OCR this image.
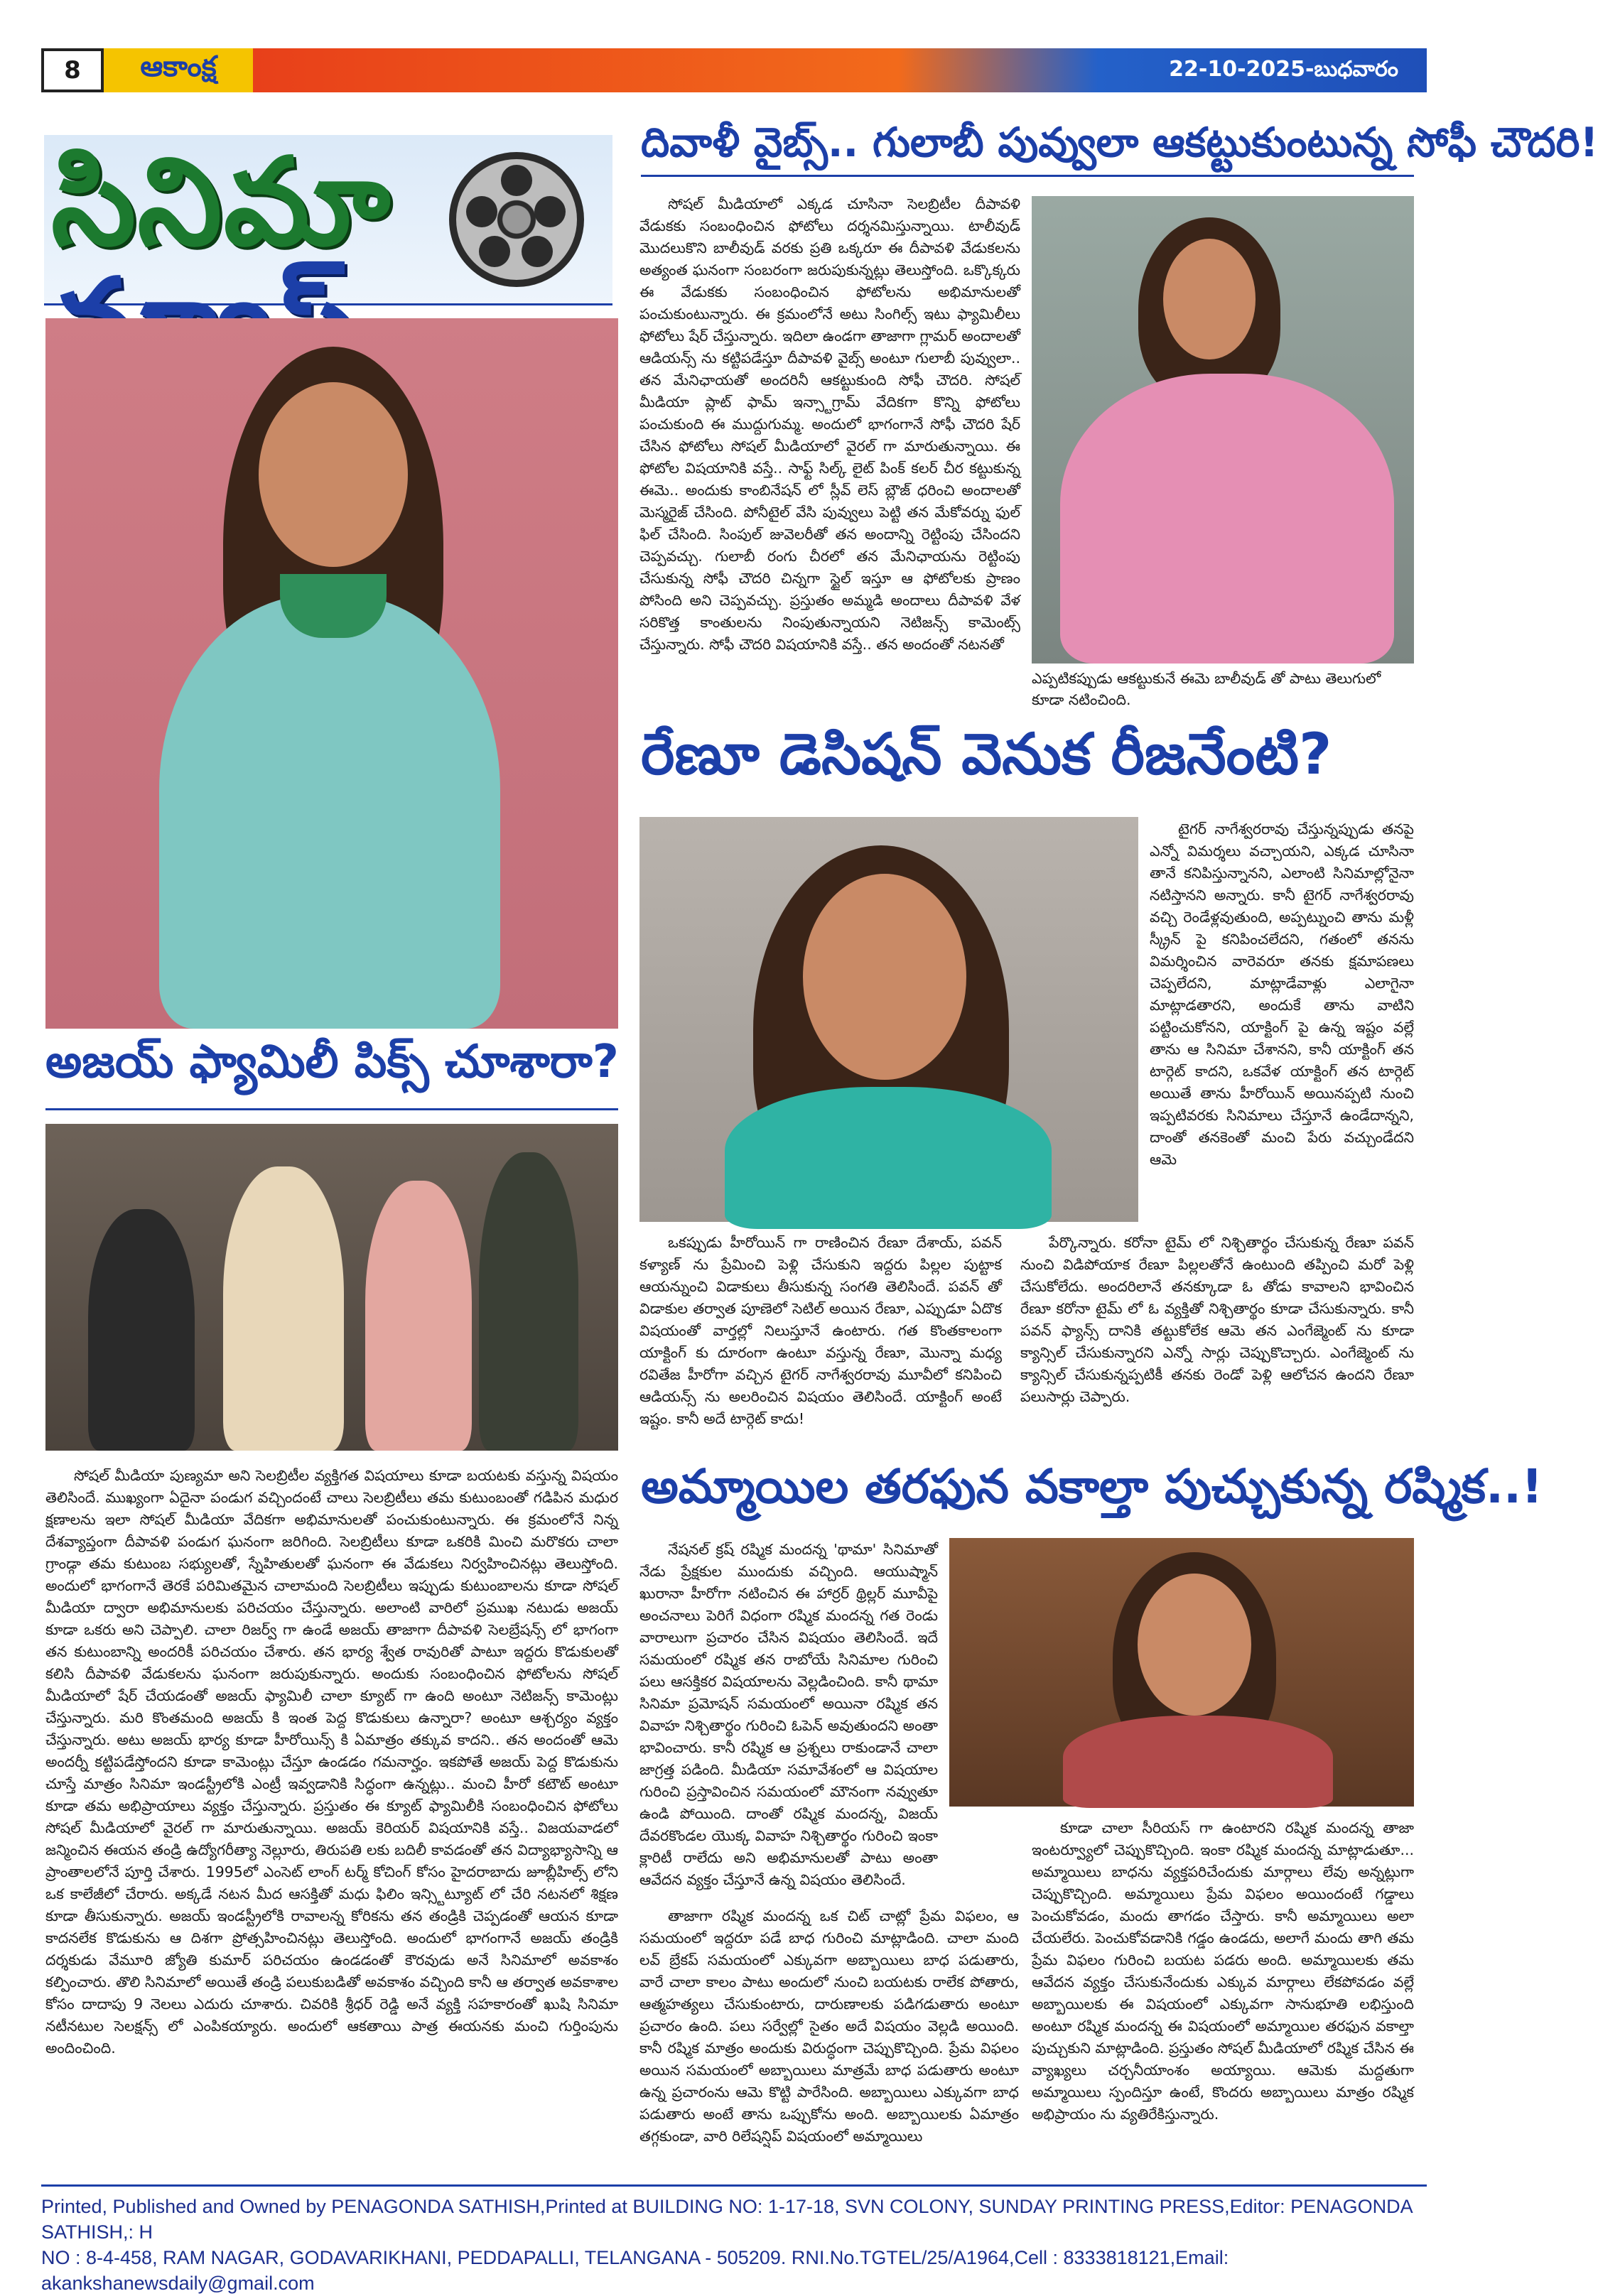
8	ఆకాంక్ష	22-10-2025-బుధవారం
సినిమా	దివాళీ వైబ్స్.. గులాబీ పువ్వులా ఆకట్టుకుంటున్న సోఫీ చౌదరి!

సోషల్ మీడియాలో ఎక్కడ చూసినా సెలబ్రిటీల దీపావళి వేడుకకు సంబంధించిన ఫోటోలు దర్శనమిస్తున్నాయి. టాలీవుడ్ మొదలుకొని బాలీవుడ్ వరకు ప్రతి ఒక్కరూ ఈ దీపావళి వేడుకలను అత్యంత ఘనంగా సంబరంగా జరుపుకున్నట్లు తెలుస్తోంది. ఒక్కొక్కరు ఈ వేడుకకు సంబంధించిన ఫోటోలను అభిమానులతో పంచుకుంటున్నారు. ఈ క్రమంలోనే అటు సింగిల్స్ ఇటు ఫ్యామిలీలు ఫోటోలు షేర్ చేస్తున్నారు. ఇదిలా ఉండగా తాజాగా గ్లామర్ అందాలతో ఆడియన్స్ ను కట్టిపడేస్తూ దీపావళి వైబ్స్ అంటూ గులాబీ పువ్వులా.. తన మేనిఛాయతో అందరినీ ఆకట్టుకుంది సోఫీ చౌదరి. సోషల్ మీడియా ప్లాట్ ఫామ్ ఇన్స్టాగ్రామ్ వేదికగా కొన్ని ఫోటోలు పంచుకుంది ఈ ముద్దుగుమ్మ. అందులో భాగంగానే సోఫీ చౌదరి షేర్ చేసిన ఫోటోలు సోషల్ మీడియాలో వైరల్ గా మారుతున్నాయి. ఈ ఫోటోల విషయానికి వస్తే.. సాఫ్ట్ సిల్క్ లైట్ పింక్ కలర్ చీర కట్టుకున్న ఈమె.. అందుకు కాంబినేషన్ లో స్లీవ్ లెస్ బ్లౌజ్ ధరించి అందాలతో మెస్మరైజ్ చేసింది. పోనీటైల్ వేసి పువ్వులు పెట్టి తన మేకోవర్ను ఫుల్ ఫిల్ చేసింది. సింపుల్ జువెలరీతో తన అందాన్ని రెట్టింపు చేసిందని చెప్పవచ్చు. గులాబీ రంగు చీరలో తన మేనిఛాయను రెట్టింపు చేసుకున్న సోఫీ చౌదరి చిన్నగా స్టైల్ ఇస్తూ ఆ ఫోటోలకు ప్రాణం పోసింది అని చెప్పవచ్చు. ప్రస్తుతం అమ్మడి అందాలు దీపావళి వేళ సరికొత్త కాంతులను నింపుతున్నాయని నెటిజన్స్ కామెంట్స్ చేస్తున్నారు. సోఫీ చౌదరి విషయానికి వస్తే.. తన అందంతో నటనతో

ఎప్పటికప్పుడు ఆకట్టుకునే ఈమె బాలీవుడ్ తో పాటు తెలుగులో కూడా నటించింది.
రేణూ డెసిషన్ వెనుక రీజనేంటి?

టైగర్ నాగేశ్వరరావు చేస్తున్నప్పుడు తనపై ఎన్నో విమర్శలు వచ్చాయని, ఎక్కడ చూసినా తానే కనిపిస్తున్నానని, ఎలాంటి సినిమాల్లోనైనా నటిస్తానని అన్నారు. కానీ టైగర్ నాగేశ్వరరావు వచ్చి రెండేళ్లవుతుంది, అప్పట్నుంచి తాను మళ్లీ స్క్రీన్ పై కనిపించలేదని, గతంలో తనను విమర్శించిన వారెవరూ తనకు క్షమాపణలు చెప్పలేదని, మాట్లాడేవాళ్లు ఎలాగైనా మాట్లాడతారని, అందుకే తాను వాటిని పట్టించుకోనని, యాక్టింగ్ పై ఉన్న ఇష్టం వల్లే తాను ఆ సినిమా చేశానని, కానీ యాక్టింగ్ తన టార్గెట్ కాదని, ఒకవేళ యాక్టింగ్ తన టార్గెట్ అయితే తాను హీరోయిన్ అయినప్పటి నుంచి ఇప్పటివరకు సినిమాలు చేస్తూనే ఉండేదాన్నని, దాంతో తనకెంతో మంచి పేరు వచ్చుండేదని ఆమె

ఒకప్పుడు హీరోయిన్ గా రాణించిన రేణూ దేశాయ్, పవన్ కళ్యాణ్ ను ప్రేమించి పెళ్లి చేసుకుని ఇద్దరు పిల్లల పుట్టాక ఆయన్నుంచి విడాకులు తీసుకున్న సంగతి తెలిసిందే. పవన్ తో విడాకుల తర్వాత పూణెలో సెటిల్ అయిన రేణూ, ఎప్పుడూ ఏదొక విషయంతో వార్తల్లో నిలుస్తూనే ఉంటారు. గత కొంతకాలంగా యాక్టింగ్ కు దూరంగా ఉంటూ వస్తున్న రేణూ, మొన్నా మధ్య రవితేజ హీరోగా వచ్చిన టైగర్ నాగేశ్వరరావు మూవీలో కనిపించి ఆడియన్స్ ను అలరించిన విషయం తెలిసిందే. యాక్టింగ్ అంటే ఇష్టం. కానీ అదే టార్గెట్ కాదు!

పేర్కొన్నారు. కరోనా టైమ్ లో నిశ్చితార్థం చేసుకున్న రేణూ పవన్ నుంచి విడిపోయాక రేణూ పిల్లలతోనే ఉంటుంది తప్పించి మరో పెళ్లి చేసుకోలేదు. అందరిలానే తనక్కూడా ఓ తోడు కావాలని భావించిన రేణూ కరోనా టైమ్ లో ఓ వ్యక్తితో నిశ్చితార్థం కూడా చేసుకున్నారు. కానీ పవన్ ఫ్యాన్స్ దానికి తట్టుకోలేక ఆమె తన ఎంగేజ్మెంట్ ను కూడా క్యాన్సిల్ చేసుకున్నారని ఎన్నో సార్లు చెప్పుకొచ్చారు. ఎంగేజ్మెంట్ ను క్యాన్సిల్ చేసుకున్నప్పటికీ తనకు రెండో పెళ్లి ఆలోచన ఉందని రేణూ పలుసార్లు చెప్పారు.

అజయ్ ఫ్యామిలీ పిక్స్ చూశారా?

సోషల్ మీడియా పుణ్యమా అని సెలబ్రిటీల వ్యక్తిగత విషయాలు కూడా బయటకు వస్తున్న విషయం తెలిసిందే. ముఖ్యంగా ఏదైనా పండుగ వచ్చిందంటే చాలు సెలబ్రిటీలు తమ కుటుంబంతో గడిపిన మధుర క్షణాలను ఇలా సోషల్ మీడియా వేదికగా అభిమానులతో పంచుకుంటున్నారు. ఈ క్రమంలోనే నిన్న దేశవ్యాప్తంగా దీపావళి పండుగ ఘనంగా జరిగింది. సెలబ్రిటీలు కూడా ఒకరికి మించి మరొకరు చాలా గ్రాండ్గా తమ కుటుంబ సభ్యులతో, స్నేహితులతో ఘనంగా ఈ వేడుకలు నిర్వహించినట్లు తెలుస్తోంది. అందులో భాగంగానే తెరకే పరిమితమైన చాలామంది సెలబ్రిటీలు ఇప్పుడు కుటుంబాలను కూడా సోషల్ మీడియా ద్వారా అభిమానులకు పరిచయం చేస్తున్నారు. అలాంటి వారిలో ప్రముఖ నటుడు అజయ్ కూడా ఒకరు అని చెప్పాలి. చాలా రిజర్వ్ గా ఉండే అజయ్ తాజాగా దీపావళి సెలబ్రేషన్స్ లో భాగంగా తన కుటుంబాన్ని అందరికీ పరిచయం చేశారు. తన భార్య శ్వేత రావురితో పాటూ ఇద్దరు కొడుకులతో కలిసి దీపావళి వేడుకలను ఘనంగా జరుపుకున్నారు. అందుకు సంబంధించిన ఫోటోలను సోషల్ మీడియాలో షేర్ చేయడంతో అజయ్ ఫ్యామిలీ చాలా క్యూట్ గా ఉంది అంటూ నెటిజన్స్ కామెంట్లు చేస్తున్నారు. మరి కొంతమంది అజయ్ కి ఇంత పెద్ద కొడుకులు ఉన్నారా? అంటూ ఆశ్చర్యం వ్యక్తం చేస్తున్నారు. అటు అజయ్ భార్య కూడా హీరోయిన్స్ కి ఏమాత్రం తక్కువ కాదని.. తన అందంతో ఆమె అందర్నీ కట్టిపడేస్తోందని కూడా కామెంట్లు చేస్తూ ఉండడం గమనార్హం. ఇకపోతే అజయ్ పెద్ద కొడుకును చూస్తే మాత్రం సినిమా ఇండస్ట్రీలోకి ఎంట్రీ ఇవ్వడానికి సిద్ధంగా ఉన్నట్లు.. మంచి హీరో కటౌట్ అంటూ కూడా తమ అభిప్రాయాలు వ్యక్తం చేస్తున్నారు. ప్రస్తుతం ఈ క్యూట్ ఫ్యామిలీకి సంబంధించిన ఫోటోలు సోషల్ మీడియాలో వైరల్ గా మారుతున్నాయి. అజయ్ కెరియర్ విషయానికి వస్తే.. విజయవాడలో జన్మించిన ఈయన తండ్రి ఉద్యోగరీత్యా నెల్లూరు, తిరుపతి లకు బదిలీ కావడంతో తన విద్యాభ్యాసాన్ని ఆ ప్రాంతాలలోనే పూర్తి చేశారు. 1995లో ఎంసెట్ లాంగ్ టర్మ్ కోచింగ్ కోసం హైదరాబాదు జూబ్లీహిల్స్ లోని ఒక కాలేజీలో చేరారు. అక్కడే నటన మీద ఆసక్తితో మధు ఫిలిం ఇన్స్టిట్యూట్ లో చేరి నటనలో శిక్షణ కూడా తీసుకున్నారు. అజయ్ ఇండస్ట్రీలోకి రావాలన్న కోరికను తన తండ్రికి చెప్పడంతో ఆయన కూడా కాదనలేక కొడుకును ఆ దిశగా ప్రోత్సహించినట్లు తెలుస్తోంది. అందులో భాగంగానే అజయ్ తండ్రికి దర్శకుడు వేమూరి జ్యోతి కుమార్ పరిచయం ఉండడంతో కౌరవుడు అనే సినిమాలో అవకాశం కల్పించారు. తొలి సినిమాలో అయితే తండ్రి పలుకుబడితో అవకాశం వచ్చింది కానీ ఆ తర్వాత అవకాశాల కోసం దాదాపు 9 నెలలు ఎదురు చూశారు. చివరికి శ్రీధర్ రెడ్డి అనే వ్యక్తి సహకారంతో ఖుషి సినిమా నటీనటుల సెలక్షన్స్ లో ఎంపికయ్యారు. అందులో ఆకతాయి పాత్ర ఈయనకు మంచి గుర్తింపును అందించింది.

అమ్మాయిల తరఫున వకాల్తా పుచ్చుకున్న రష్మిక..!

నేషనల్ క్రష్ రష్మిక మందన్న 'థామా' సినిమాతో నేడు ప్రేక్షకుల ముందుకు వచ్చింది. ఆయుష్మాన్ ఖురానా హీరోగా నటించిన ఈ హార్రర్ థ్రిల్లర్ మూవీపై అంచనాలు పెరిగే విధంగా రష్మిక మందన్న గత రెండు వారాలుగా ప్రచారం చేసిన విషయం తెలిసిందే. ఇదే సమయంలో రష్మిక తన రాబోయే సినిమాల గురించి పలు ఆసక్తికర విషయాలను వెల్లడించింది. కానీ థామా సినిమా ప్రమోషన్ సమయంలో అయినా రష్మిక తన వివాహ నిశ్చితార్థం గురించి ఓపెన్ అవుతుందని అంతా భావించారు. కానీ రష్మిక ఆ ప్రశ్నలు రాకుండానే చాలా జాగ్రత్త పడింది. మీడియా సమావేశంలో ఆ విషయాల గురించి ప్రస్తావించిన సమయంలో మౌనంగా నవ్వుతూ ఉండి పోయింది. దాంతో రష్మిక మందన్న, విజయ్ దేవరకొండల యొక్క వివాహ నిశ్చితార్థం గురించి ఇంకా క్లారిటీ రాలేదు అని అభిమానులతో పాటు అంతా ఆవేదన వ్యక్తం చేస్తూనే ఉన్న విషయం తెలిసిందే.

తాజాగా రష్మిక మందన్న ఒక చిట్ చాట్లో ప్రేమ విఫలం, ఆ సమయంలో ఇద్దరూ పడే బాధ గురించి మాట్లాడింది. చాలా మంది లవ్ బ్రేకప్ సమయంలో ఎక్కువగా అబ్బాయిలు బాధ పడుతారు, వారే చాలా కాలం పాటు అందులో నుంచి బయటకు రాలేక పోతారు, ఆత్మహత్యలు చేసుకుంటారు, దారుణాలకు పడిగడుతారు అంటూ ప్రచారం ఉంది. పలు సర్వేల్లో సైతం అదే విషయం వెల్లడి అయింది. కానీ రష్మిక మాత్రం అందుకు విరుద్ధంగా చెప్పుకొచ్చింది. ప్రేమ విఫలం అయిన సమయంలో అబ్బాయిలు మాత్రమే బాధ పడుతారు అంటూ ఉన్న ప్రచారంను ఆమె కొట్టి పారేసింది. అబ్బాయిలు ఎక్కువగా బాధ పడుతారు అంటే తాను ఒప్పుకోను అంది. అబ్బాయిలకు ఏమాత్రం తగ్గకుండా, వారి రిలేషన్షిప్ విషయంలో అమ్మాయిలు

కూడా చాలా సీరియస్ గా ఉంటారని రష్మిక మందన్న తాజా ఇంటర్వ్యూలో చెప్పుకొచ్చింది. ఇంకా రష్మిక మందన్న మాట్లాడుతూ... అమ్మాయిలు బాధను వ్యక్తపరిచేందుకు మార్గాలు లేవు అన్నట్లుగా చెప్పుకొచ్చింది. అమ్మాయిలు ప్రేమ విఫలం అయిందంటే గడ్డాలు పెంచుకోవడం, మందు తాగడం చేస్తారు. కానీ అమ్మాయిలు అలా చేయలేరు. పెంచుకోవడానికి గడ్డం ఉండదు, అలాగే మందు తాగి తమ ప్రేమ విఫలం గురించి బయట పడరు అంది. అమ్మాయిలకు తమ ఆవేదన వ్యక్తం చేసుకునేందుకు ఎక్కువ మార్గాలు లేకపోవడం వల్లే అబ్బాయిలకు ఈ విషయంలో ఎక్కువగా సానుభూతి లభిస్తుంది అంటూ రష్మిక మందన్న ఈ విషయంలో అమ్మాయిల తరఫున వకాల్తా పుచ్చుకుని మాట్లాడింది. ప్రస్తుతం సోషల్ మీడియాలో రష్మిక చేసిన ఈ వ్యాఖ్యలు చర్చనీయాంశం అయ్యాయి. ఆమెకు మద్దతుగా అమ్మాయిలు స్పందిస్తూ ఉంటే, కొందరు అబ్బాయిలు మాత్రం రష్మిక అభిప్రాయం ను వ్యతిరేకిస్తున్నారు.

Printed, Published and Owned by PENAGONDA SATHISH,Printed at BUILDING NO: 1-17-18, SVN COLONY, SUNDAY PRINTING PRESS,Editor: PENAGONDA SATHISH,: H
NO : 8-4-458, RAM NAGAR, GODAVARIKHANI, PEDDAPALLI, TELANGANA - 505209. RNI.No.TGTEL/25/A1964,Cell : 8333818121,Email: akankshanewsdaily@gmail.com
